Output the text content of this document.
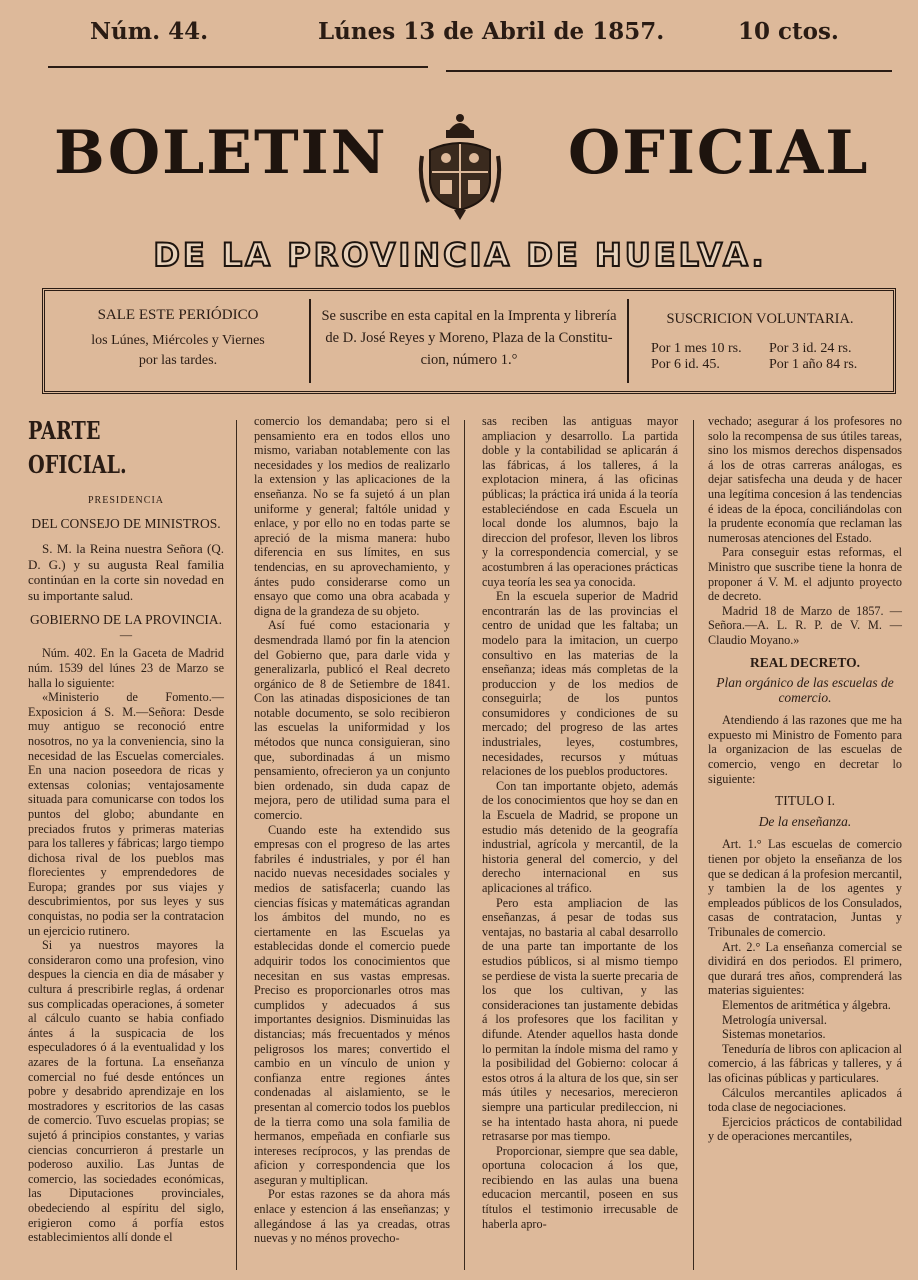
Núm. 44.	Lúnes 13 de Abril de 1857.	10 ctos.
BOLETIN	OFICIAL
DE LA PROVINCIA DE HUELVA.
SALE ESTE PERIÓDICO
los Lúnes, Miércoles y Viernes
por las tardes.
Se suscribe en esta capital en la Imprenta y librería
de D. José Reyes y Moreno, Plaza de la Constitu-
cion, número 1.°
SUSCRICION VOLUNTARIA.
Por 1 mes 10 rs. Por 3 id. 24 rs.
Por 6 id. 45.	Por 1 año 84 rs.

PARTE OFICIAL.

PRESIDENCIA

DEL CONSEJO DE MINISTROS.

S. M. la Reina nuestra Señora (Q. D. G.) y su augusta Real familia continúan en la corte sin novedad en su importante salud.

GOBIERNO DE LA PROVINCIA.

—

Núm. 402. En la Gaceta de Madrid núm. 1539 del lúnes 23 de Marzo se halla lo siguiente:

«Ministerio de Fomento.—Exposicion á S. M.—Señora: Desde muy antiguo se reconoció entre nosotros, no ya la conveniencia, sino la necesidad de las Escuelas comerciales. En una nacion poseedora de ricas y extensas colonias; ventajosamente situada para comunicarse con todos los puntos del globo; abundante en preciados frutos y primeras materias para los talleres y fábricas; largo tiempo dichosa rival de los pueblos mas florecientes y emprendedores de Europa; grandes por sus viajes y descubrimientos, por sus leyes y sus conquistas, no podia ser la contratacion un ejercicio rutinero.

Si ya nuestros mayores la consideraron como una profesion, vino despues la ciencia en dia de másaber y cultura á prescribirle reglas, á ordenar sus complicadas operaciones, á someter al cálculo cuanto se habia confiado ántes á la suspicacia de los especuladores ó á la eventualidad y los azares de la fortuna. La enseñanza comercial no fué desde entónces un pobre y desabrido aprendizaje en los mostradores y escritorios de las casas de comercio. Tuvo escuelas propias; se sujetó á principios constantes, y varias ciencias concurrieron á prestarle un poderoso auxilio. Las Juntas de comercio, las sociedades económicas, las Diputaciones provinciales, obedeciendo al espíritu del siglo, erigieron como á porfía estos establecimientos allí donde el

comercio los demandaba; pero si el pensamiento era en todos ellos uno mismo, variaban notablemente con las necesidades y los medios de realizarlo la extension y las aplicaciones de la enseñanza. No se fa sujetó á un plan uniforme y general; faltóle unidad y enlace, y por ello no en todas parte se apreció de la misma manera: hubo diferencia en sus límites, en sus tendencias, en su aprovechamiento, y ántes pudo considerarse como un ensayo que como una obra acabada y digna de la grandeza de su objeto.

Así fué como estacionaria y desmendrada llamó por fin la atencion del Gobierno que, para darle vida y generalizarla, publicó el Real decreto orgánico de 8 de Setiembre de 1841. Con las atinadas disposiciones de tan notable documento, se solo recibieron las escuelas la uniformidad y los métodos que nunca consiguieran, sino que, subordinadas á un mismo pensamiento, ofrecieron ya un conjunto bien ordenado, sin duda capaz de mejora, pero de utilidad suma para el comercio.

Cuando este ha extendido sus empresas con el progreso de las artes fabriles é industriales, y por él han nacido nuevas necesidades sociales y medios de satisfacerla; cuando las ciencias físicas y matemáticas agrandan los ámbitos del mundo, no es ciertamente en las Escuelas ya establecidas donde el comercio puede adquirir todos los conocimientos que necesitan en sus vastas empresas. Preciso es proporcionarles otros mas cumplidos y adecuados á sus importantes designios. Disminuidas las distancias; más frecuentados y ménos peligrosos los mares; convertido el cambio en un vínculo de union y confianza entre regiones ántes condenadas al aislamiento, se le presentan al comercio todos los pueblos de la tierra como una sola familia de hermanos, empeñada en confiarle sus intereses recíprocos, y las prendas de aficion y correspondencia que los aseguran y multiplican.

Por estas razones se da ahora más enlace y estencion á las enseñanzas; y allegándose á las ya creadas, otras nuevas y no ménos provecho-

sas reciben las antiguas mayor ampliacion y desarrollo. La partida doble y la contabilidad se aplicarán á las fábricas, á los talleres, á la explotacion minera, á las oficinas públicas; la práctica irá unida á la teoría estableciéndose en cada Escuela un local donde los alumnos, bajo la direccion del profesor, lleven los libros y la correspondencia comercial, y se acostumbren á las operaciones prácticas cuya teoría les sea ya conocida.

En la escuela superior de Madrid encontrarán las de las provincias el centro de unidad que les faltaba; un modelo para la imitacion, un cuerpo consultivo en las materias de la enseñanza; ideas más completas de la produccion y de los medios de conseguirla; de los puntos consumidores y condiciones de su mercado; del progreso de las artes industriales, leyes, costumbres, necesidades, recursos y mútuas relaciones de los pueblos productores.

Con tan importante objeto, además de los conocimientos que hoy se dan en la Escuela de Madrid, se propone un estudio más detenido de la geografía industrial, agrícola y mercantil, de la historia general del comercio, y del derecho internacional en sus aplicaciones al tráfico.

Pero esta ampliacion de las enseñanzas, á pesar de todas sus ventajas, no bastaria al cabal desarrollo de una parte tan importante de los estudios públicos, si al mismo tiempo se perdiese de vista la suerte precaria de los que los cultivan, y las consideraciones tan justamente debidas á los profesores que los facilitan y difunde. Atender aquellos hasta donde lo permitan la índole misma del ramo y la posibilidad del Gobierno: colocar á estos otros á la altura de los que, sin ser más útiles y necesarios, merecieron siempre una particular predileccion, ni se ha intentado hasta ahora, ni puede retrasarse por mas tiempo.

Proporcionar, siempre que sea dable, oportuna colocacion á los que, recibiendo en las aulas una buena educacion mercantil, poseen en sus títulos el testimonio irrecusable de haberla apro-

vechado; asegurar á los profesores no solo la recompensa de sus útiles tareas, sino los mismos derechos dispensados á los de otras carreras análogas, es dejar satisfecha una deuda y de hacer una legítima concesion á las tendencias é ideas de la época, conciliándolas con la prudente economía que reclaman las numerosas atenciones del Estado.

Para conseguir estas reformas, el Ministro que suscribe tiene la honra de proponer á V. M. el adjunto proyecto de decreto.

Madrid 18 de Marzo de 1857. —Señora.—A. L. R. P. de V. M. —Claudio Moyano.»

REAL DECRETO.

Plan orgánico de las escuelas de comercio.

Atendiendo á las razones que me ha expuesto mi Ministro de Fomento para la organizacion de las escuelas de comercio, vengo en decretar lo siguiente:

TITULO I.

De la enseñanza.

Art. 1.° Las escuelas de comercio tienen por objeto la enseñanza de los que se dedican á la profesion mercantil, y tambien la de los agentes y empleados públicos de los Consulados, casas de contratacion, Juntas y Tribunales de comercio.

Art. 2.° La enseñanza comercial se dividirá en dos periodos. El primero, que durará tres años, comprenderá las materias siguientes:

Elementos de aritmética y álgebra.

Metrología universal.

Sistemas monetarios.

Teneduría de libros con aplicacion al comercio, á las fábricas y talleres, y á las oficinas públicas y particulares.

Cálculos mercantiles aplicados á toda clase de negociaciones.

Ejercicios prácticos de contabilidad y de operaciones mercantiles,
